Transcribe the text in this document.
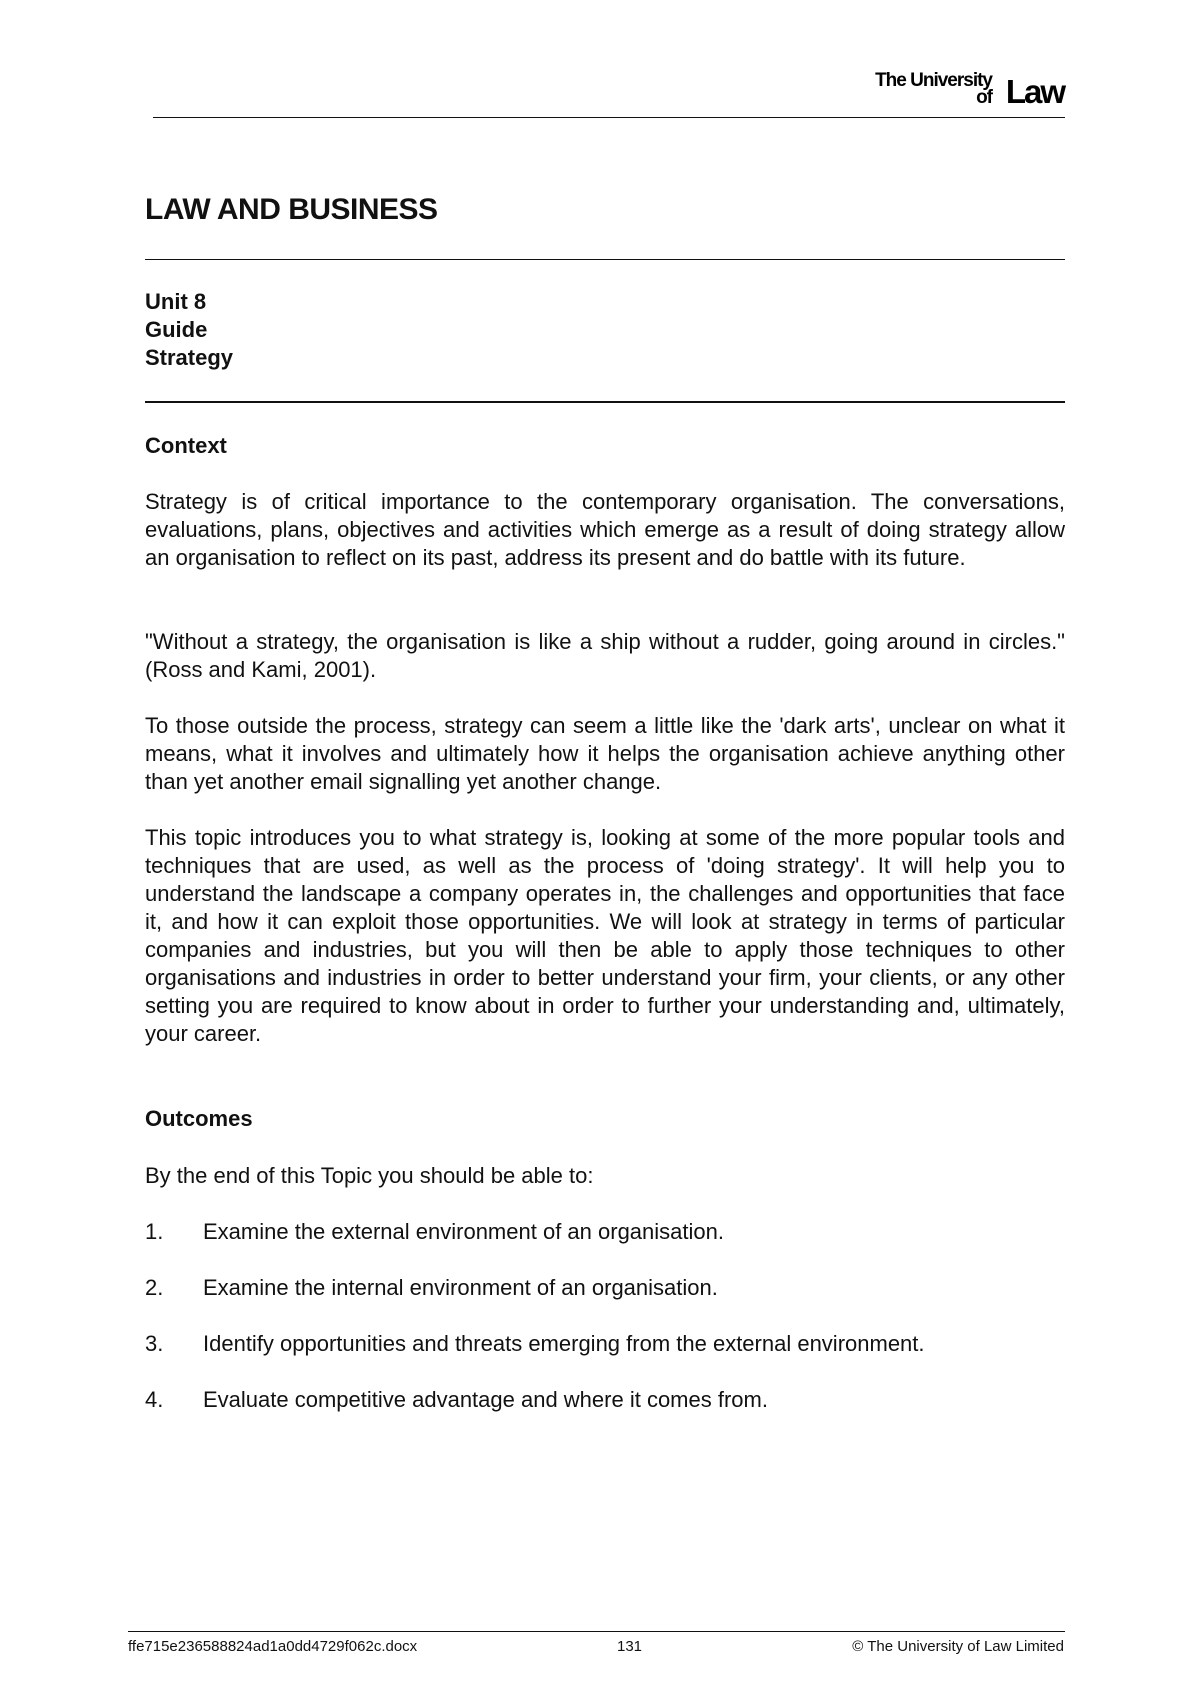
The University
of Law
LAW AND BUSINESS
Unit 8
Guide
Strategy

Context

Strategy is of critical importance to the contemporary organisation. The conversations, evaluations, plans, objectives and activities which emerge as a result of doing strategy allow an organisation to reflect on its past, address its present and do battle with its future.

"Without a strategy, the organisation is like a ship without a rudder, going around in circles." (Ross and Kami, 2001).

To those outside the process, strategy can seem a little like the 'dark arts', unclear on what it means, what it involves and ultimately how it helps the organisation achieve anything other than yet another email signalling yet another change.

This topic introduces you to what strategy is, looking at some of the more popular tools and techniques that are used, as well as the process of 'doing strategy'. It will help you to understand the landscape a company operates in, the challenges and opportunities that face it, and how it can exploit those opportunities. We will look at strategy in terms of particular companies and industries, but you will then be able to apply those techniques to other organisations and industries in order to better understand your firm, your clients, or any other setting you are required to know about in order to further your understanding and, ultimately, your career.

Outcomes

By the end of this Topic you should be able to:

1. Examine the external environment of an organisation.
2. Examine the internal environment of an organisation.
3. Identify opportunities and threats emerging from the external environment.
4. Evaluate competitive advantage and where it comes from.
ffe715e236588824ad1a0dd4729f062c.docx	131	© The University of Law Limited
